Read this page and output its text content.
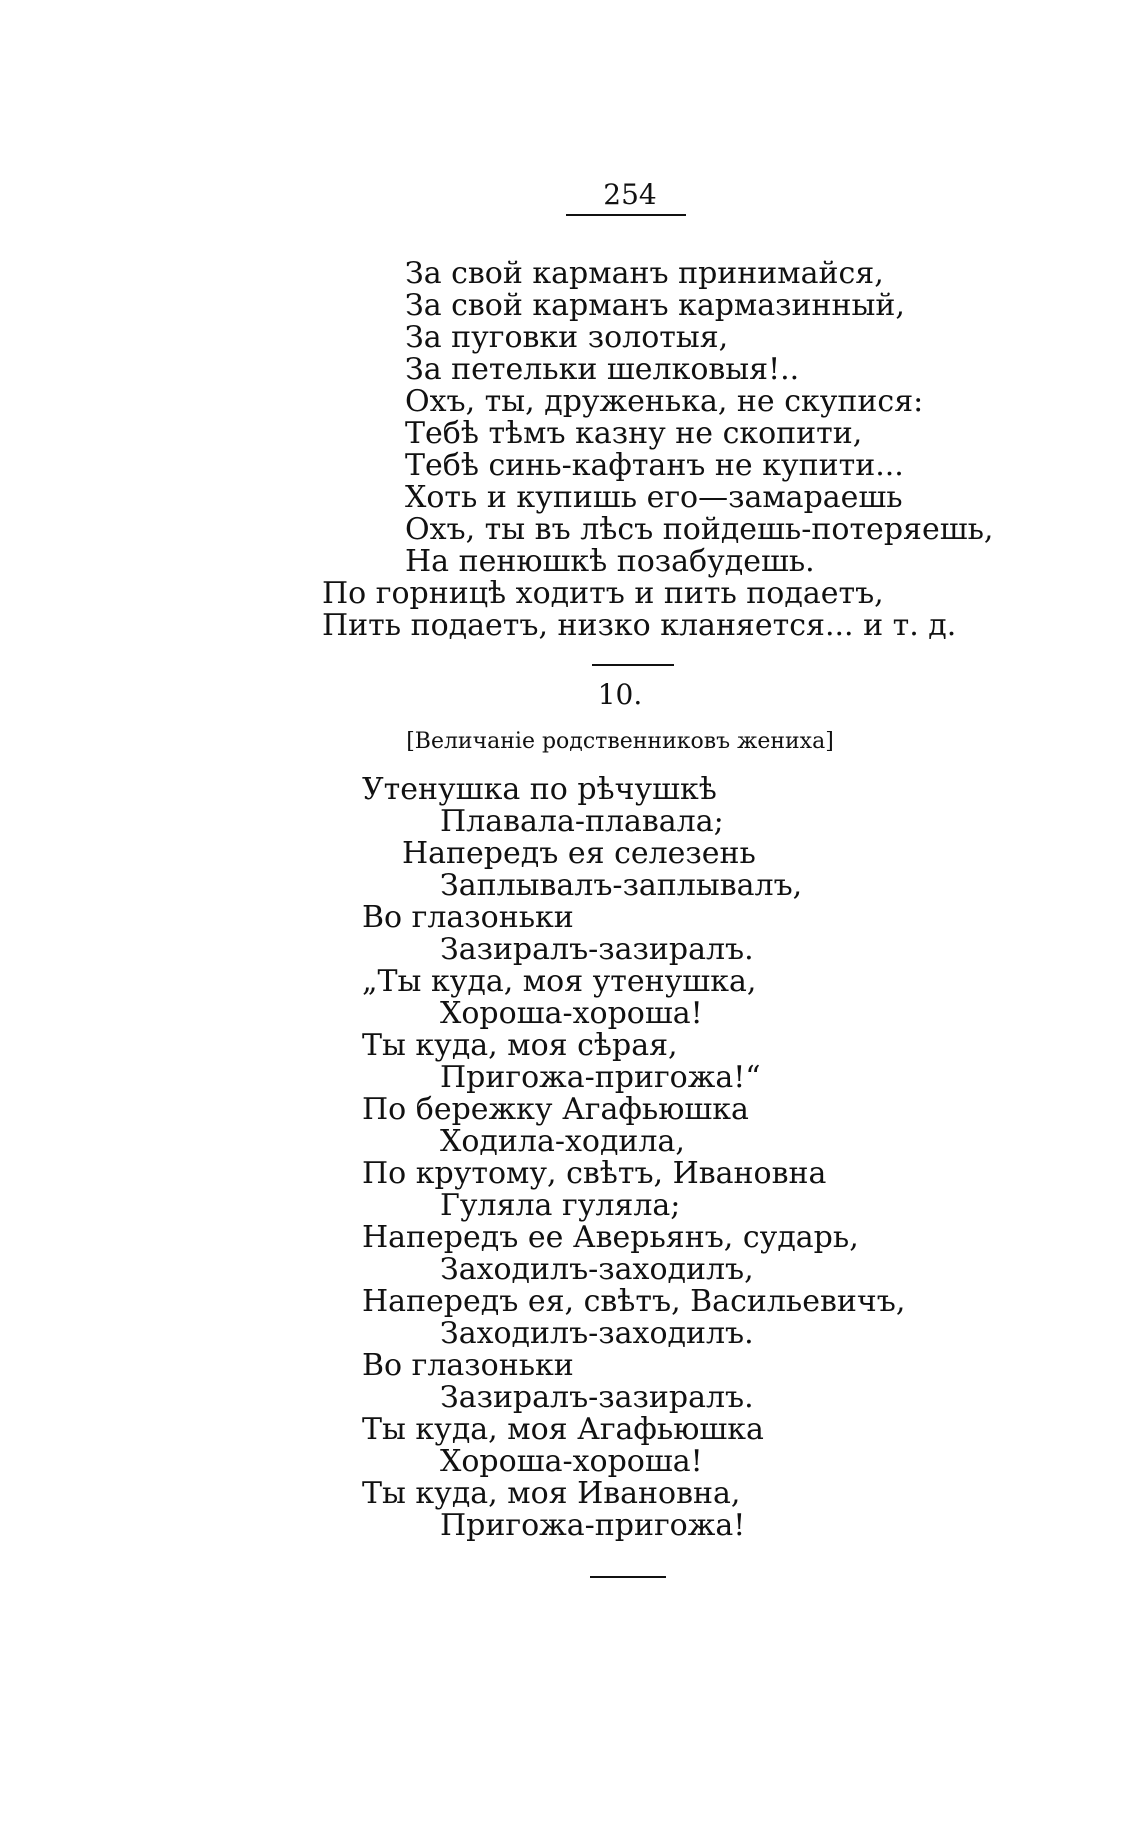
254
За свой карманъ принимайся,
За свой карманъ кармазинный,
За пуговки золотыя,
За петельки шелковыя!..
Охъ, ты, друженька, не скупися:
Тебѣ тѣмъ казну не скопити,
Тебѣ синь-кафтанъ не купити...
Хоть и купишь его—замараешь
Охъ, ты въ лѣсъ пойдешь-потеряешь,
На пенюшкѣ позабудешь.
По горницѣ ходитъ и пить подаетъ,
Пить подаетъ, низко кланяется... и т. д.
10.
[Величаніе родственниковъ жениха]
Утенушка по рѣчушкѣ
Плавала-плавала;
Напередъ ея селезень
Заплывалъ-заплывалъ,
Во глазоньки
Зазиралъ-зазиралъ.
„Ты куда, моя утенушка,
Хороша-хороша!
Ты куда, моя сѣрая,
Пригожа-пригожа!“
По бережку Агафьюшка
Ходила-ходила,
По крутому, свѣтъ, Ивановна
Гуляла гуляла;
Напередъ ее Аверьянъ, сударь,
Заходилъ-заходилъ,
Напередъ ея, свѣтъ, Васильевичъ,
Заходилъ-заходилъ.
Во глазоньки
Зазиралъ-зазиралъ.
Ты куда, моя Агафьюшка
Хороша-хороша!
Ты куда, моя Ивановна,
Пригожа-пригожа!
